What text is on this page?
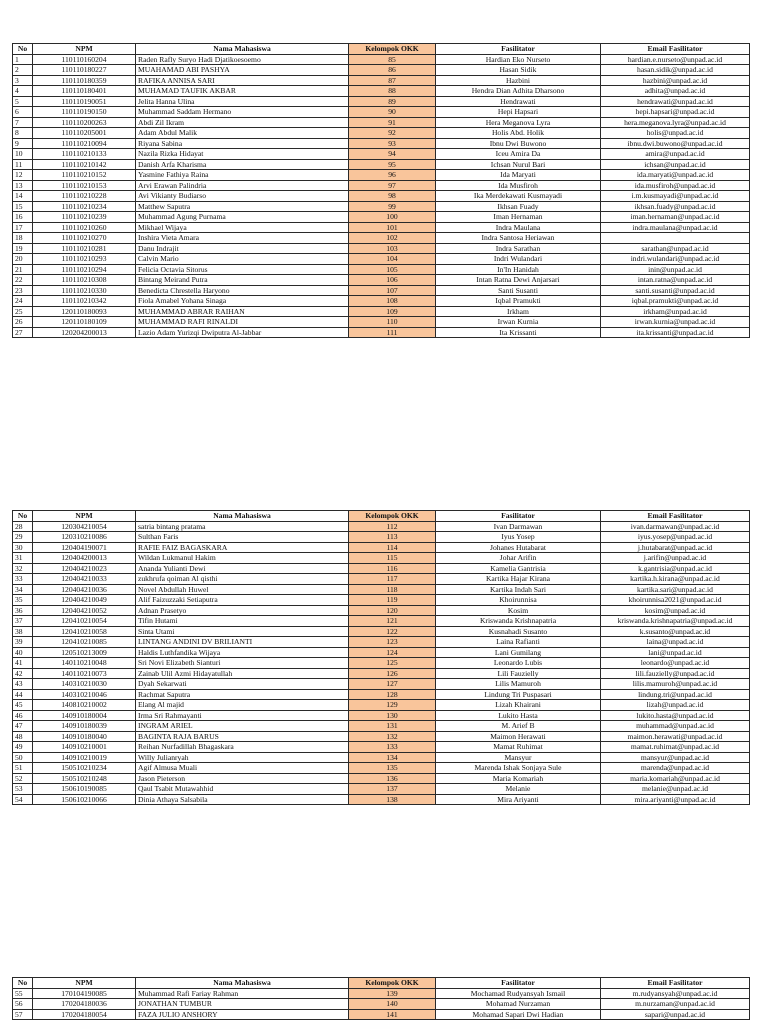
No	NPM	Nama Mahasiswa	Kelompok OKK	Fasilitator	Email Fasilitator
1	110110160204	Raden Rafly Suryo Hadi Djatikoesoemo	85	Hardian Eko Nurseto	hardian.e.nurseto@unpad.ac.id
2	110110180227	MUAHAMAD ABI PASHYA	86	Hasan Sidik	hasan.sidik@unpad.ac.id
3	110110180359	RAFIKA ANNISA SARI	87	Hazbini	hazbini@unpad.ac.id
4	110110180401	MUHAMAD TAUFIK AKBAR	88	Hendra Dian Adhita Dharsono	adhita@unpad.ac.id
5	110110190051	Jelita Hanna Ulina	89	Hendrawati	hendrawati@unpad.ac.id
6	110110190150	Muhammad Saddam Hermano	90	Hepi Hapsari	hepi.hapsari@unpad.ac.id
7	110110200263	Abdi Zil Ikram	91	Hera Meganova Lyra	hera.meganova.lyra@unpad.ac.id
8	110110205001	Adam Abdul Malik	92	Holis Abd. Holik	holis@unpad.ac.id
9	110110210094	Riyana Sabina	93	Ibnu Dwi Buwono	ibnu.dwi.buwono@unpad.ac.id
10	110110210133	Nazila Rizka Hidayat	94	Iceu Amira Da	amira@unpad.ac.id
11	110110210142	Danish Arfa Kharisma	95	Ichsan Nurul Bari	ichsan@unpad.ac.id
12	110110210152	Yasmine Fathiya Raina	96	Ida Maryati	ida.maryati@unpad.ac.id
13	110110210153	Arvi Erawan Palindria	97	Ida Musfiroh	ida.musfiroh@unpad.ac.id
14	110110210228	Avi Vikianty Budiarso	98	Ika Merdekawati Kusmayadi	i.m.kusmayadi@unpad.ac.id
15	110110210234	Matthew Saputra	99	Ikhsan Fuady	ikhsan.fuady@unpad.ac.id
16	110110210239	Muhammad Agung Purnama	100	Iman Hernaman	iman.hernaman@unpad.ac.id
17	110110210260	Mikhael Wijaya	101	Indra Maulana	indra.maulana@unpad.ac.id
18	110110210270	Inshira Vieta Amara	102	Indra Santosa Heriawan	
19	110110210281	Danu Indrajit	103	Indra Sarathan	sarathan@unpad.ac.id
20	110110210293	Calvin Mario	104	Indri Wulandari	indri.wulandari@unpad.ac.id
21	110110210294	Felicia Octavia Sitorus	105	In'In Hanidah	inin@unpad.ac.id
22	110110210308	Bintang Meirand Putra	106	Intan Ratna Dewi Anjarsari	intan.ratna@unpad.ac.id
23	110110210330	Benedicta Chrestella Haryono	107	Santi Susanti	santi.susanti@unpad.ac.id
24	110110210342	Fiola Amabel Yohana Sinaga	108	Iqbal Pramukti	iqbal.pramukti@unpad.ac.id
25	120110180093	MUHAMMAD ABRAR RAIHAN	109	Irkham	irkham@unpad.ac.id
26	120110180109	MUHAMMAD RAFI RINALDI	110	Irwan Kurnia	irwan.kurnia@unpad.ac.id
27	120204200013	Lazio Adam Yurizqi Dwiputra Al-Jabbar	111	Ita Krissanti	ita.krissanti@unpad.ac.id
No	NPM	Nama Mahasiswa	Kelompok OKK	Fasilitator	Email Fasilitator
28	120304210054	satria bintang pratama	112	Ivan Darmawan	ivan.darmawan@unpad.ac.id
29	120310210086	Sulthan Faris	113	Iyus Yosep	iyus.yosep@unpad.ac.id
30	120404190071	RAFIE FAIZ BAGASKARA	114	Johanes Hutabarat	j.hutabarat@unpad.ac.id
31	120404200013	Wildan Lukmanul Hakim	115	Johar Arifin	j.arifin@unpad.ac.id
32	120404210023	Ananda Yulianti Dewi	116	Kamelia Gantrisia	k.gantrisia@unpad.ac.id
33	120404210033	zukhrufa qoiman Al qisthi	117	Kartika Hajar Kirana	kartika.h.kirana@unpad.ac.id
34	120404210036	Novel Abdullah Huwel	118	Kartika Indah Sari	kartika.sari@unpad.ac.id
35	120404210049	Alif Faizuzzaki Setiaputra	119	Khoirunnisa	khoirunnisa2021@unpad.ac.id
36	120404210052	Adnan Prasetyo	120	Kosim	kosim@unpad.ac.id
37	120410210054	Tifin Hutami	121	Kriswanda Krishnapatria	kriswanda.krishnapatria@unpad.ac.id
38	120410210058	Sinta Utami	122	Kusnahadi Susanto	k.susanto@unpad.ac.id
39	120410210085	LINTANG ANDINI DV BRILIANTI	123	Laina Rafianti	laina@unpad.ac.id
40	120510213009	Haldis Luthfandika Wijaya	124	Lani Gumilang	lani@unpad.ac.id
41	140110210048	Sri Novi Elizabeth Sianturi	125	Leonardo Lubis	leonardo@unpad.ac.id
42	140110210073	Zainab Ulil Azmi Hidayatullah	126	Lili Fauzielly	lili.fauzielly@unpad.ac.id
43	140310210030	Dyah Sekarwati	127	Lilis Mamuroh	lilis.mamuroh@unpad.ac.id
44	140310210046	Rachmat Saputra	128	Lindung Tri Puspasari	lindung.tri@unpad.ac.id
45	140810210002	Elang Al majid	129	Lizah Khairani	lizah@unpad.ac.id
46	140910180004	Irma Sri Rahmayanti	130	Lukito Hasta	lukito.hasta@unpad.ac.id
47	140910180039	INGRAM ARIEL	131	M. Arief B	muhammad@unpad.ac.id
48	140910180040	BAGINTA RAJA BARUS	132	Maimon Herawati	maimon.herawati@unpad.ac.id
49	140910210001	Reihan Nurfadillah Bhagaskara	133	Mamat Ruhimat	mamat.ruhimat@unpad.ac.id
50	140910210019	Willy Julianryah	134	Mansyur	mansyur@unpad.ac.id
51	150510210234	Agif Almusa Muali	135	Marenda Ishak Sonjaya Sule	marenda@unpad.ac.id
52	150510210248	Jason Pieterson	136	Maria Komariah	maria.komariah@unpad.ac.id
53	150610190085	Qaul Tsabit Mutawahhid	137	Melanie	melanie@unpad.ac.id
54	150610210066	Dinia Athaya Salsabila	138	Mira Ariyanti	mira.ariyanti@unpad.ac.id
No	NPM	Nama Mahasiswa	Kelompok OKK	Fasilitator	Email Fasilitator
55	170104190085	Muhammad Rafi Fariay Rahman	139	Mochamad Rudyansyah Ismail	m.rudyansyah@unpad.ac.id
56	170204180036	JONATHAN TUMBUR	140	Mohamad Nurzaman	m.nurzaman@unpad.ac.id
57	170204180054	FAZA JULIO ANSHORY	141	Mohamad Sapari Dwi Hadian	sapari@unpad.ac.id
